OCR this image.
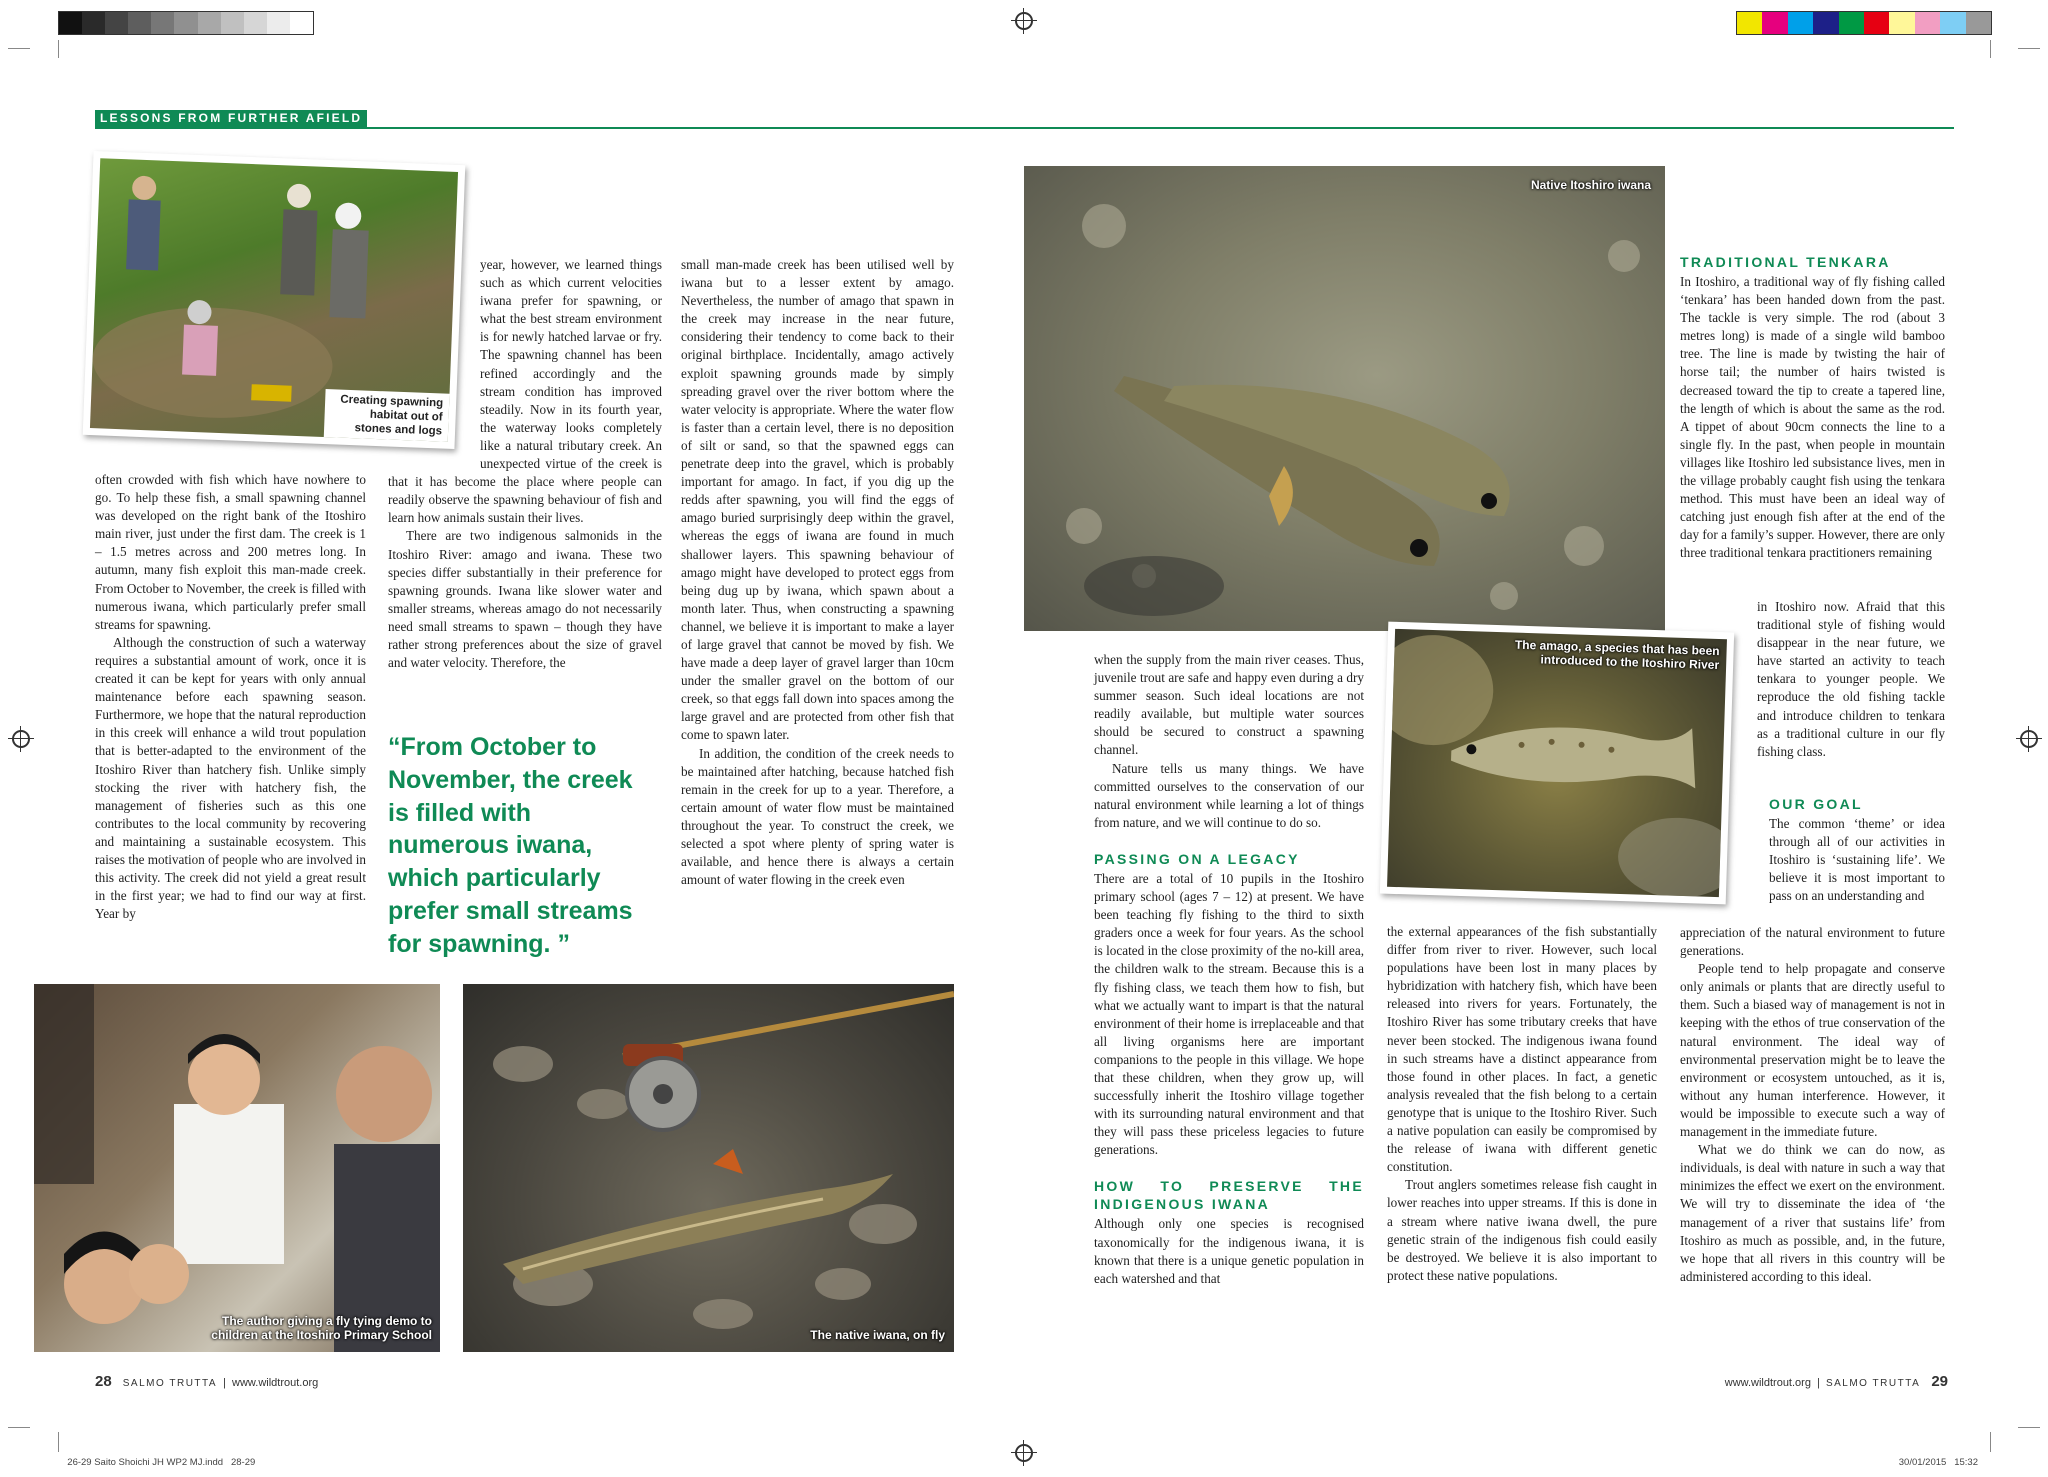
LESSONS FROM FURTHER AFIELD
Creating spawning habitat out of stones and logs

often crowded with fish which have nowhere to go. To help these fish, a small spawning channel was developed on the right bank of the Itoshiro main river, just under the first dam. The creek is 1 – 1.5 metres across and 200 metres long. In autumn, many fish exploit this man-made creek. From October to November, the creek is filled with numerous iwana, which particularly prefer small streams for spawning.

Although the construction of such a waterway requires a substantial amount of work, once it is created it can be kept for years with only annual maintenance before each spawning season. Furthermore, we hope that the natural reproduction in this creek will enhance a wild trout population that is better-adapted to the environment of the Itoshiro River than hatchery fish. Unlike simply stocking the river with hatchery fish, the management of fisheries such as this one contributes to the local community by recovering and maintaining a sustainable ecosystem. This raises the motivation of people who are involved in this activity. The creek did not yield a great result in the first year; we had to find our way at first. Year by

year, however, we learned things such as which current velocities iwana prefer for spawning, or what the best stream environment is for newly hatched larvae or fry. The spawning channel has been refined accordingly and the stream condition has improved steadily. Now in its fourth year, the waterway looks completely like a natural tributary creek. An unexpected virtue of the creek is that it has become the place where people can readily observe the spawning behaviour of fish and learn how animals sustain their lives.

There are two indigenous salmonids in the Itoshiro River: amago and iwana. These two species differ substantially in their preference for spawning grounds. Iwana like slower water and smaller streams, whereas amago do not necessarily need small streams to spawn – though they have rather strong preferences about the size of gravel and water velocity. Therefore, the

“From October to November, the creek is filled with numerous iwana, which particularly prefer small streams for spawning. ”

small man-made creek has been utilised well by iwana but to a lesser extent by amago. Nevertheless, the number of amago that spawn in the creek may increase in the near future, considering their tendency to come back to their original birthplace. Incidentally, amago actively exploit spawning grounds made by simply spreading gravel over the river bottom where the water velocity is appropriate. Where the water flow is faster than a certain level, there is no deposition of silt or sand, so that the spawned eggs can penetrate deep into the gravel, which is probably important for amago. In fact, if you dig up the redds after spawning, you will find the eggs of amago buried surprisingly deep within the gravel, whereas the eggs of iwana are found in much shallower layers. This spawning behaviour of amago might have developed to protect eggs from being dug up by iwana, which spawn about a month later. Thus, when constructing a spawning channel, we believe it is important to make a layer of large gravel that cannot be moved by fish. We have made a deep layer of gravel larger than 10cm under the smaller gravel on the bottom of our creek, so that eggs fall down into spaces among the large gravel and are protected from other fish that come to spawn later.

In addition, the condition of the creek needs to be maintained after hatching, because hatched fish remain in the creek for up to a year. Therefore, a certain amount of water flow must be maintained throughout the year. To construct the creek, we selected a spot where plenty of spring water is available, and hence there is always a certain amount of water flowing in the creek even

The author giving a fly tying demo to children at the Itoshiro Primary School	The native iwana, on fly
Native Itoshiro iwana
The amago, a species that has been introduced to the Itoshiro River

when the supply from the main river ceases. Thus, juvenile trout are safe and happy even during a dry summer season. Such ideal locations are not readily available, but multiple water sources should be secured to construct a spawning channel.

Nature tells us many things. We have committed ourselves to the conservation of our natural environment while learning a lot of things from nature, and we will continue to do so.

PASSING ON A LEGACY

There are a total of 10 pupils in the Itoshiro primary school (ages 7 – 12) at present. We have been teaching fly fishing to the third to sixth graders once a week for four years. As the school is located in the close proximity of the no-kill area, the children walk to the stream. Because this is a fly fishing class, we teach them how to fish, but what we actually want to impart is that the natural environment of their home is irreplaceable and that all living organisms here are important companions to the people in this village. We hope that these children, when they grow up, will successfully inherit the Itoshiro village together with its surrounding natural environment and that they will pass these priceless legacies to future generations.

HOW TO PRESERVE THE INDIGENOUS IWANA

Although only one species is recognised taxonomically for the indigenous iwana, it is known that there is a unique genetic population in each watershed and that

the external appearances of the fish substantially differ from river to river. However, such local populations have been lost in many places by hybridization with hatchery fish, which have been released into rivers for years. Fortunately, the Itoshiro River has some tributary creeks that have never been stocked. The indigenous iwana found in such streams have a distinct appearance from those found in other places. In fact, a genetic analysis revealed that the fish belong to a certain genotype that is unique to the Itoshiro River. Such a native population can easily be compromised by the release of iwana with different genetic constitution.

Trout anglers sometimes release fish caught in lower reaches into upper streams. If this is done in a stream where native iwana dwell, the pure genetic strain of the indigenous fish could easily be destroyed. We believe it is also important to protect these native populations.

TRADITIONAL TENKARA

In Itoshiro, a traditional way of fly fishing called ‘tenkara’ has been handed down from the past. The tackle is very simple. The rod (about 3 metres long) is made of a single wild bamboo tree. The line is made by twisting the hair of horse tail; the number of hairs twisted is decreased toward the tip to create a tapered line, the length of which is about the same as the rod. A tippet of about 90cm connects the line to a single fly. In the past, when people in mountain villages like Itoshiro led subsistance lives, men in the village probably caught fish using the tenkara method. This must have been an ideal way of catching just enough fish after at the end of the day for a family’s supper. However, there are only three traditional tenkara practitioners remaining

in Itoshiro now. Afraid that this traditional style of fishing would disappear in the near future, we have started an activity to teach tenkara to younger people. We reproduce the old fishing tackle and introduce children to tenkara as a traditional culture in our fly fishing class.

OUR GOAL

The common ‘theme’ or idea through all of our activities in Itoshiro is ‘sustaining life’. We believe it is most important to pass on an understanding and

appreciation of the natural environment to future generations.

People tend to help propagate and conserve only animals or plants that are directly useful to them. Such a biased way of management is not in keeping with the ethos of true conservation of the natural environment. The ideal way of environmental preservation might be to leave the environment or ecosystem untouched, as it is, without any human interference. However, it would be impossible to execute such a way of management in the immediate future.

What we do think we can do now, as individuals, is deal with nature in such a way that minimizes the effect we exert on the environment. We will try to disseminate the idea of ‘the management of a river that sustains life’ from Itoshiro as much as possible, and, in the future, we hope that all rivers in this country will be administered according to this ideal.

28 SALMO TRUTTA | www.wildtrout.org	www.wildtrout.org | SALMO TRUTTA 29

26-29 Saito Shoichi JH WP2 MJ.indd   28-29	30/01/2015   15:32
